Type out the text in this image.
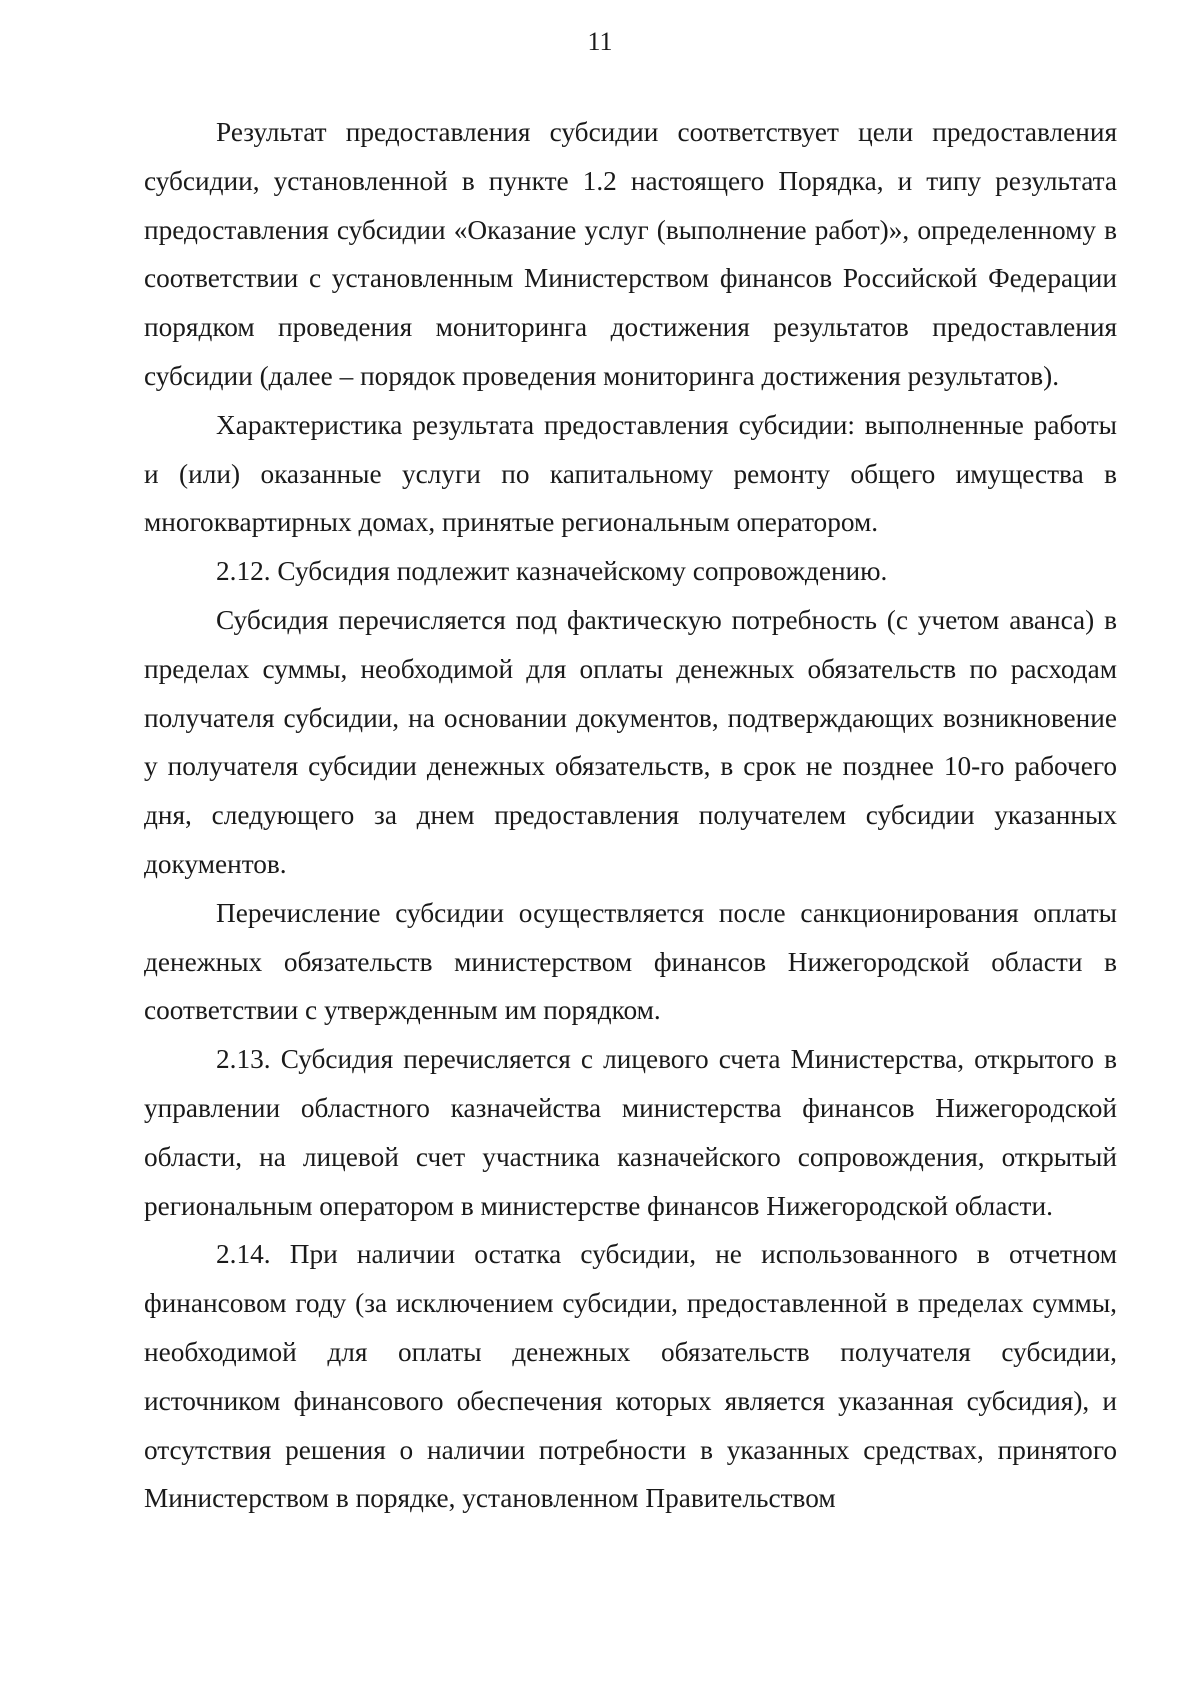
11

Результат предоставления субсидии соответствует цели предоставления субсидии, установленной в пункте 1.2 настоящего Порядка, и типу результата предоставления субсидии «Оказание услуг (выполнение работ)», определенному в соответствии с установленным Министерством финансов Российской Федерации порядком проведения мониторинга достижения результатов предоставления субсидии (далее – порядок проведения мониторинга достижения результатов).

Характеристика результата предоставления субсидии: выполненные работы и (или) оказанные услуги по капитальному ремонту общего имущества в многоквартирных домах, принятые региональным оператором.

2.12. Субсидия подлежит казначейскому сопровождению.

Субсидия перечисляется под фактическую потребность (с учетом аванса) в пределах суммы, необходимой для оплаты денежных обязательств по расходам получателя субсидии, на основании документов, подтверждающих возникновение у получателя субсидии денежных обязательств, в срок не позднее 10-го рабочего дня, следующего за днем предоставления получателем субсидии указанных документов.

Перечисление субсидии осуществляется после санкционирования оплаты денежных обязательств министерством финансов Нижегородской области в соответствии с утвержденным им порядком.

2.13. Субсидия перечисляется с лицевого счета Министерства, открытого в управлении областного казначейства министерства финансов Нижегородской области, на лицевой счет участника казначейского сопровождения, открытый региональным оператором в министерстве финансов Нижегородской области.

2.14. При наличии остатка субсидии, не использованного в отчетном финансовом году (за исключением субсидии, предоставленной в пределах суммы, необходимой для оплаты денежных обязательств получателя субсидии, источником финансового обеспечения которых является указанная субсидия), и отсутствия решения о наличии потребности в указанных средствах, принятого Министерством в порядке, установленном Правительством
